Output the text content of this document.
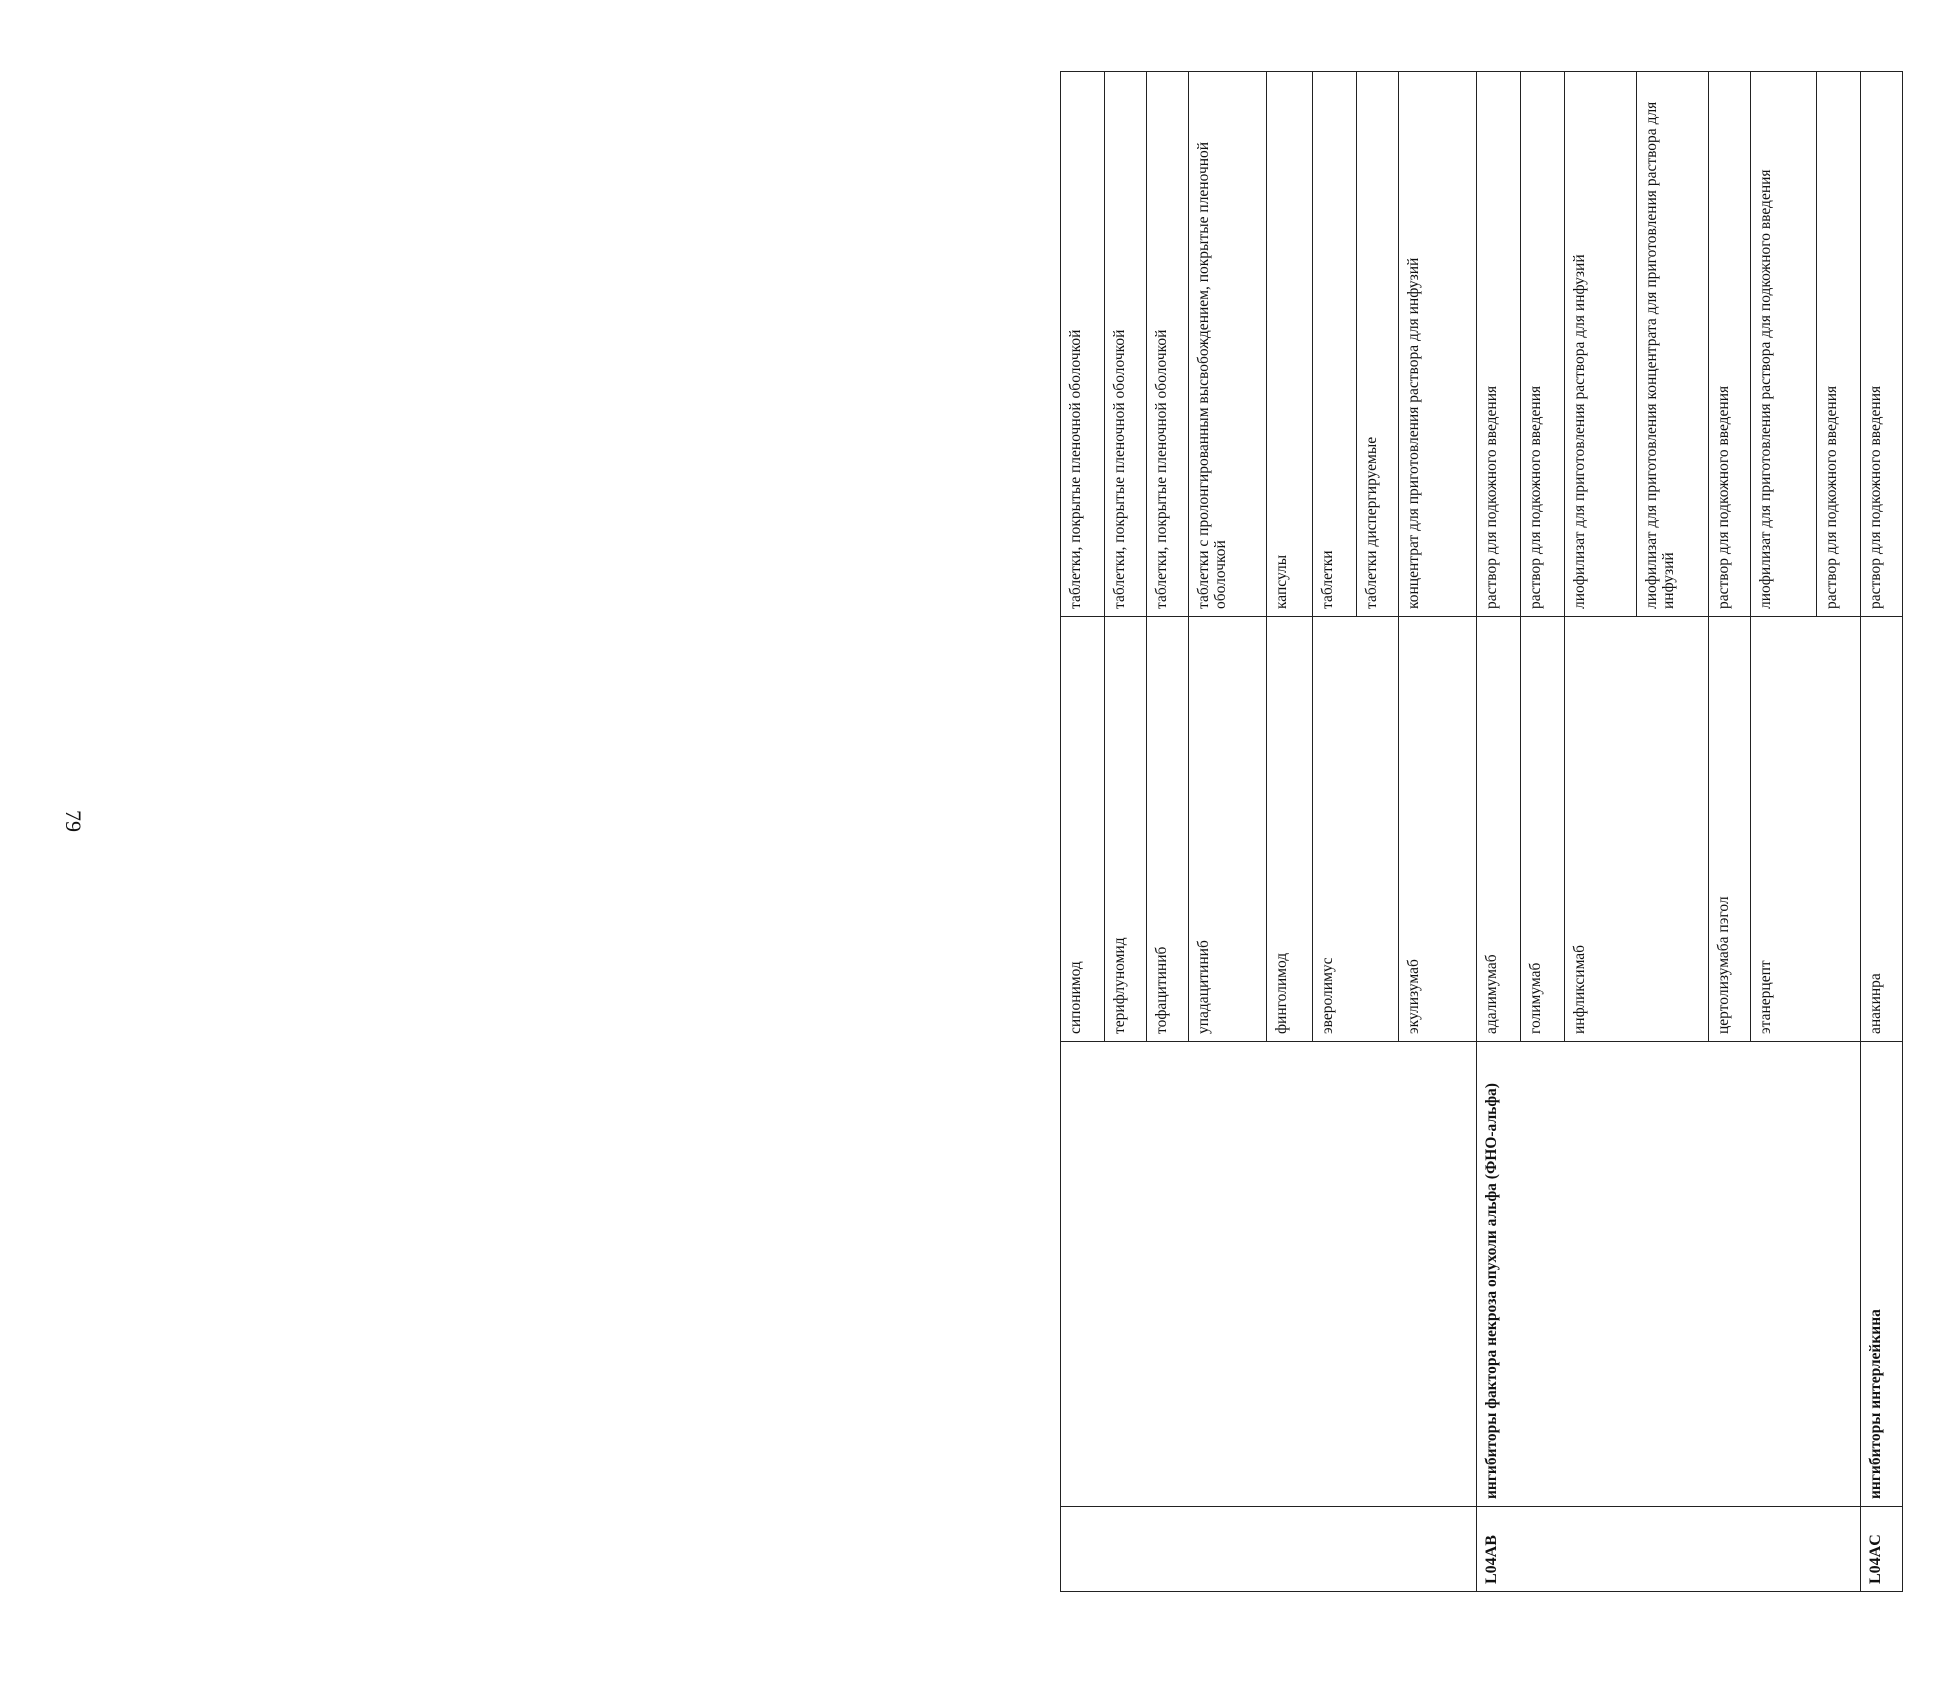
79
		сипонимод	таблетки, покрытые пленочной оболочкой
		терифлуномид	таблетки, покрытые пленочной оболочкой
		тофацитиниб	таблетки, покрытые пленочной оболочкой
		упадацитиниб	таблетки с пролонгированным высвобождением, покрытые пленочной оболочкой
		финголимод	капсулы
		эверолимус	таблетки
			таблетки диспергируемые
		экулизумаб	концентрат для приготовления раствора для инфузий
L04AB	ингибиторы фактора некроза опухоли альфа (ФНО-альфа)	адалимумаб	раствор для подкожного введения
		голимумаб	раствор для подкожного введения
		инфликсимаб	лиофилизат для приготовления раствора для инфузий
			лиофилизат для приготовления концентрата для приготовления раствора для инфузий
		цертолизумаба пэгол	раствор для подкожного введения
		этанерцепт	лиофилизат для приготовления раствора для подкожного введения
			раствор для подкожного введения
L04AC	ингибиторы интерлейкина	анакинра	раствор для подкожного введения
